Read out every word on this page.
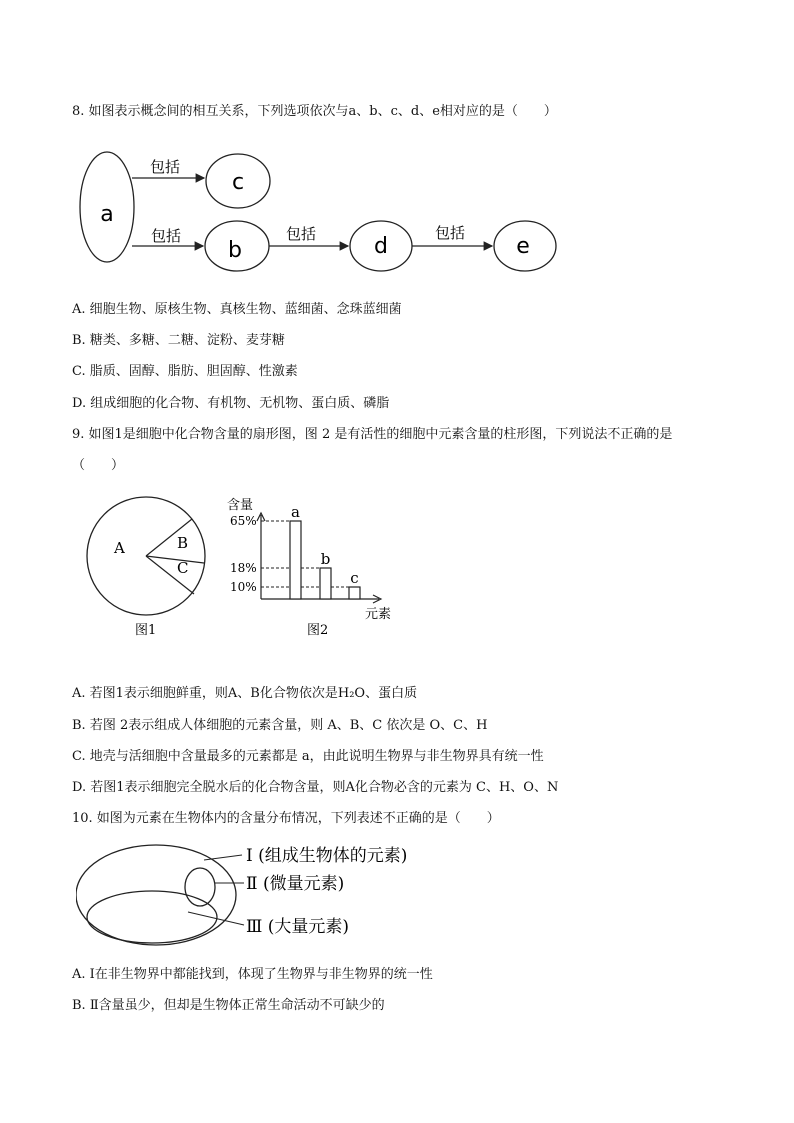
8. 如图表示概念间的相互关系，下列选项依次与a、b、c、d、e相对应的是（　　）
a
c
b	d	e
包括
包括	包括	包括
A. 细胞生物、原核生物、真核生物、蓝细菌、念珠蓝细菌
B. 糖类、多糖、二糖、淀粉、麦芽糖
C. 脂质、固醇、脂肪、胆固醇、性激素
D. 组成细胞的化合物、有机物、无机物、蛋白质、磷脂
9. 如图1是细胞中化合物含量的扇形图，图 2 是有活性的细胞中元素含量的柱形图，下列说法不正确的是
（　　）
A	B
C
图1
含量
元素
图2
65%
18%
10%
a
b
c
A. 若图1表示细胞鲜重，则A、B化合物依次是H₂O、蛋白质
B. 若图 2表示组成人体细胞的元素含量，则 A、B、C 依次是 O、C、H
C. 地壳与活细胞中含量最多的元素都是 a，由此说明生物界与非生物界具有统一性
D. 若图1表示细胞完全脱水后的化合物含量，则A化合物必含的元素为 C、H、O、N
10. 如图为元素在生物体内的含量分布情况，下列表述不正确的是（　　）
Ⅰ (组成生物体的元素)
Ⅱ (微量元素)
Ⅲ (大量元素)
A. Ⅰ在非生物界中都能找到，体现了生物界与非生物界的统一性
B. Ⅱ含量虽少，但却是生物体正常生命活动不可缺少的
